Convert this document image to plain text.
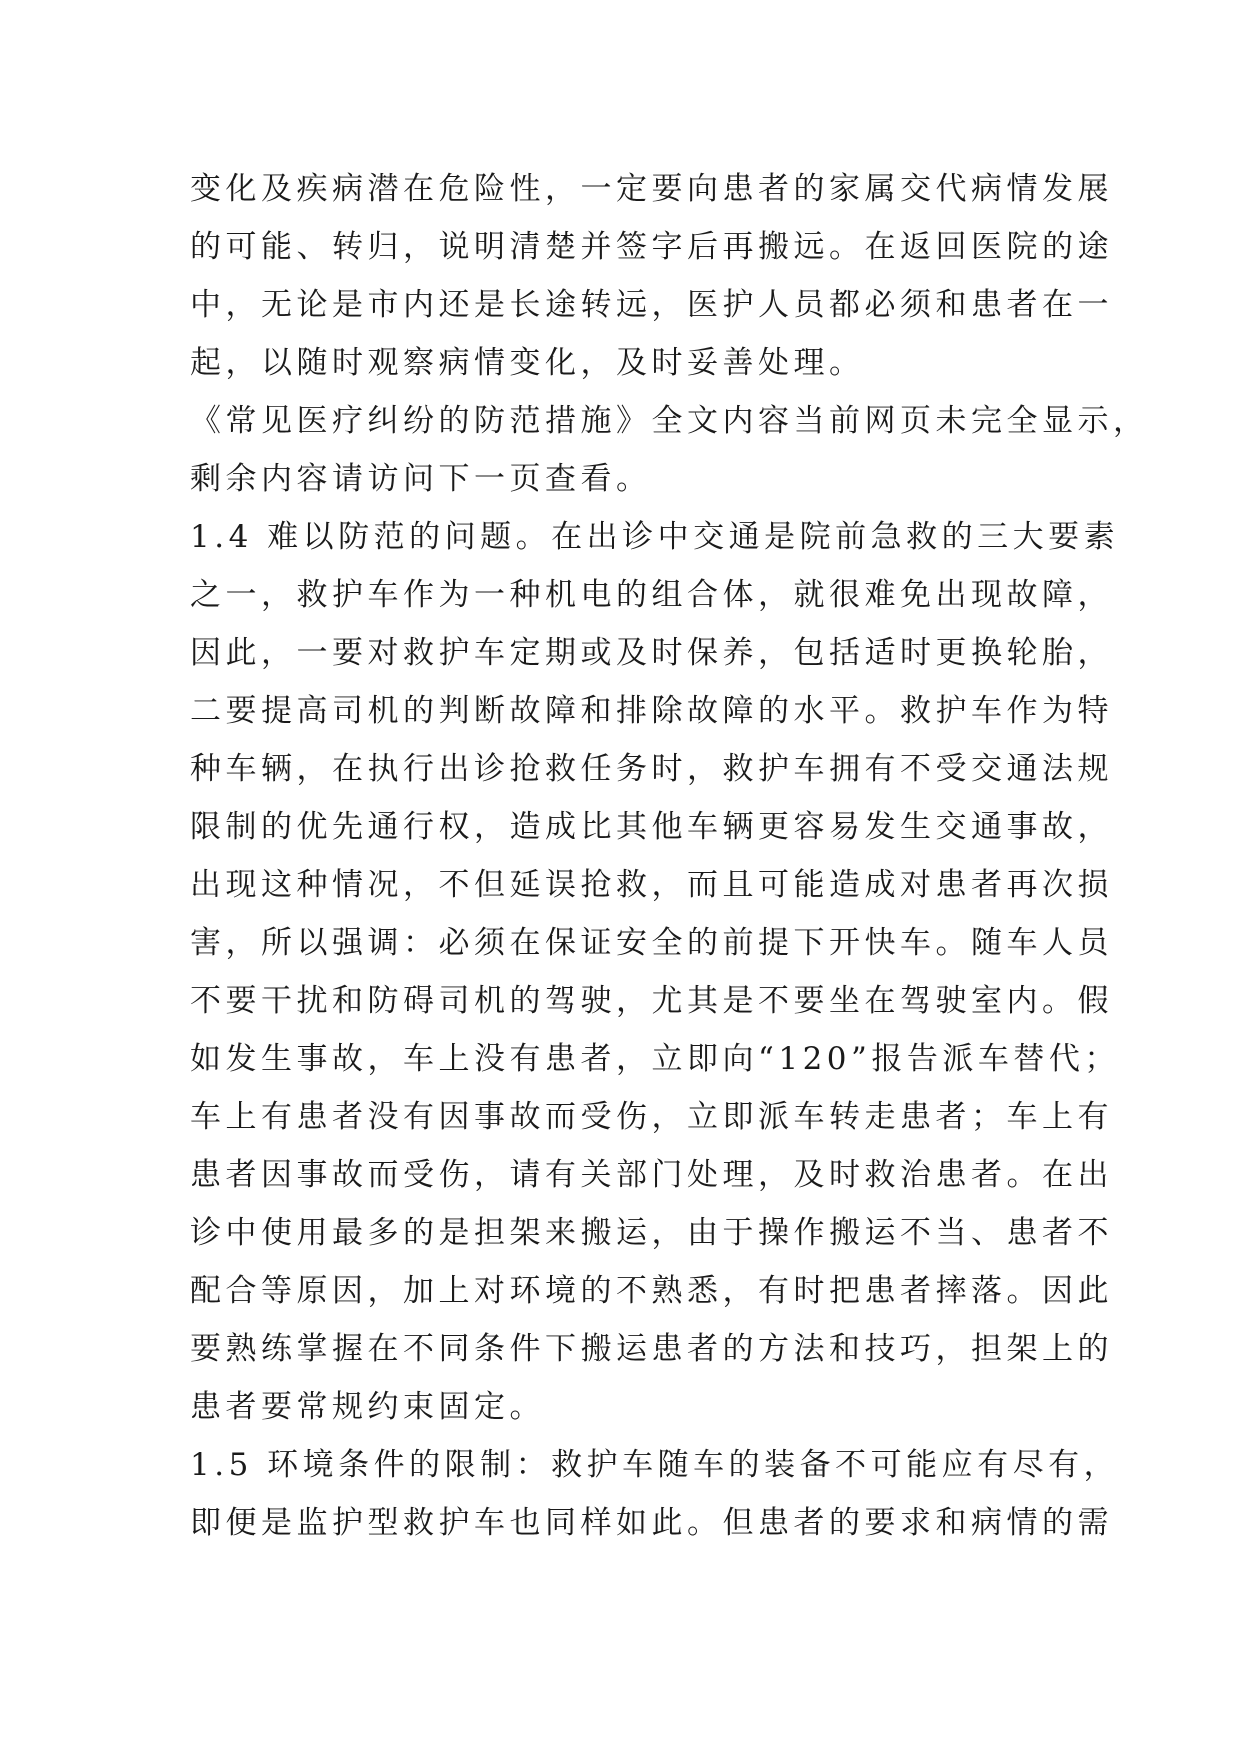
变化及疾病潜在危险性，一定要向患者的家属交代病情发展
的可能、转归，说明清楚并签字后再搬远。在返回医院的途
中，无论是市内还是长途转远，医护人员都必须和患者在一
起，以随时观察病情变化，及时妥善处理。
《常见医疗纠纷的防范措施》全文内容当前网页未完全显示，
剩余内容请访问下一页查看。
1.4 难以防范的问题。在出诊中交通是院前急救的三大要素
之一，救护车作为一种机电的组合体，就很难免出现故障，
因此，一要对救护车定期或及时保养，包括适时更换轮胎，
二要提高司机的判断故障和排除故障的水平。救护车作为特
种车辆，在执行出诊抢救任务时，救护车拥有不受交通法规
限制的优先通行权，造成比其他车辆更容易发生交通事故，
出现这种情况，不但延误抢救，而且可能造成对患者再次损
害，所以强调：必须在保证安全的前提下开快车。随车人员
不要干扰和防碍司机的驾驶，尤其是不要坐在驾驶室内。假
如发生事故，车上没有患者，立即向“120”报告派车替代；
车上有患者没有因事故而受伤，立即派车转走患者；车上有
患者因事故而受伤，请有关部门处理，及时救治患者。在出
诊中使用最多的是担架来搬运，由于操作搬运不当、患者不
配合等原因，加上对环境的不熟悉，有时把患者摔落。因此
要熟练掌握在不同条件下搬运患者的方法和技巧，担架上的
患者要常规约束固定。
1.5 环境条件的限制：救护车随车的装备不可能应有尽有，
即便是监护型救护车也同样如此。但患者的要求和病情的需
